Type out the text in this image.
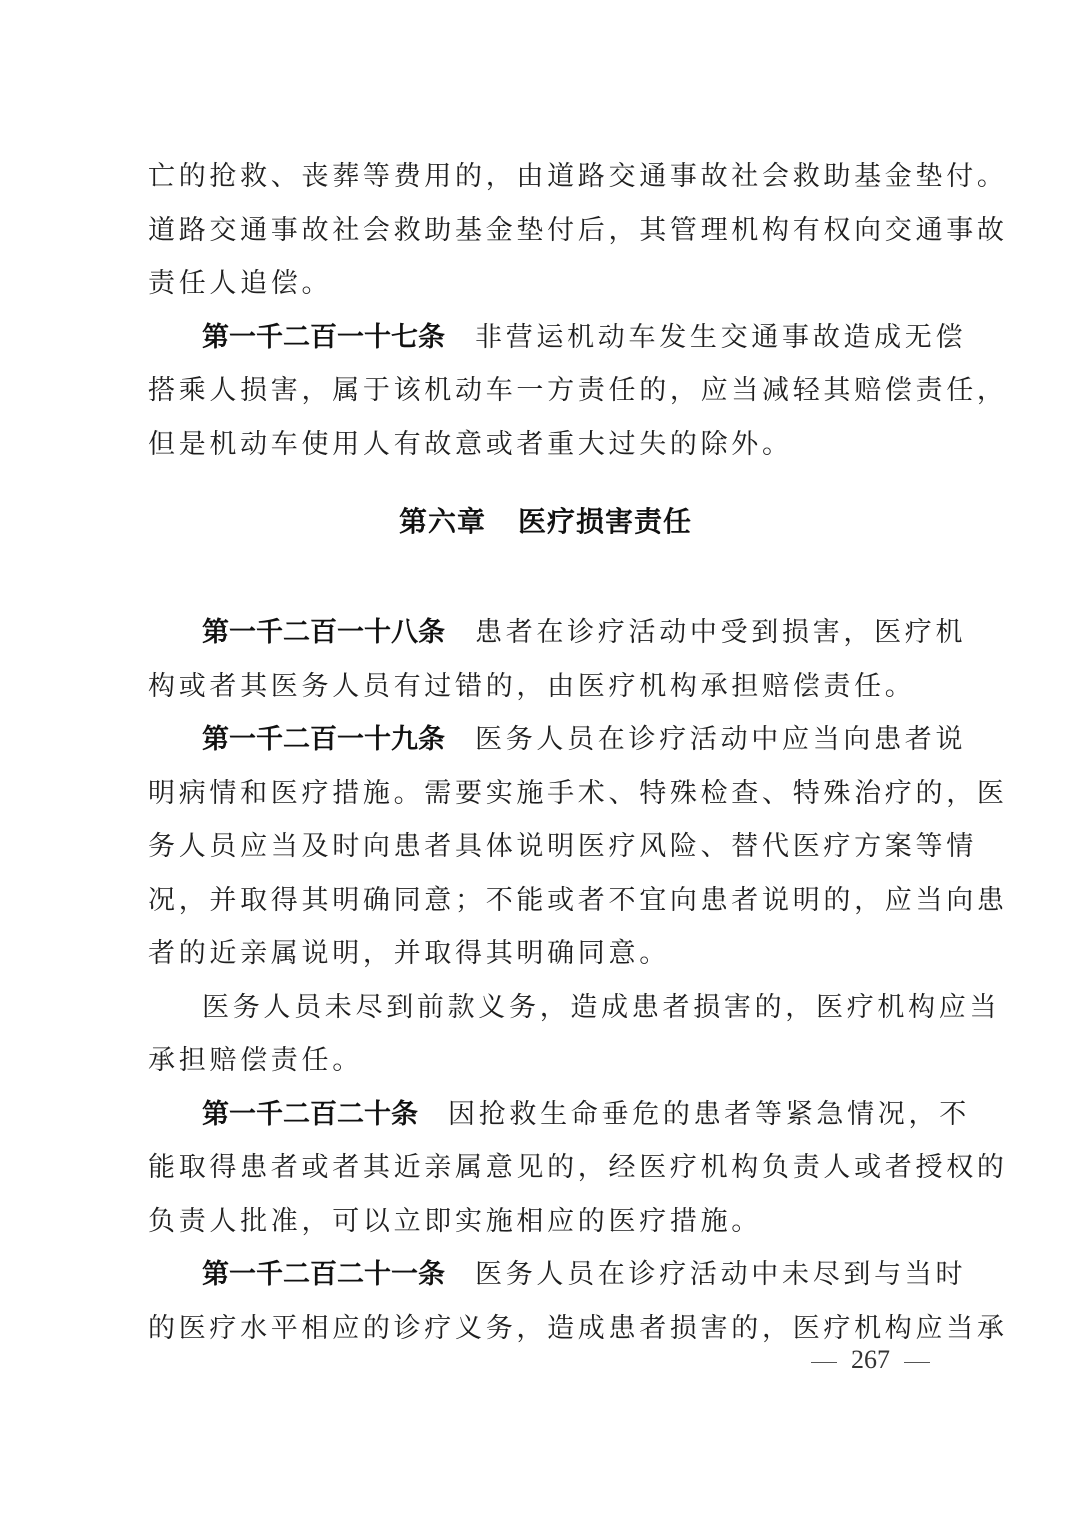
亡的抢救、丧葬等费用的，由道路交通事故社会救助基金垫付。
道路交通事故社会救助基金垫付后，其管理机构有权向交通事故
责任人追偿。
第一千二百一十七条 非营运机动车发生交通事故造成无偿
搭乘人损害，属于该机动车一方责任的，应当减轻其赔偿责任，
但是机动车使用人有故意或者重大过失的除外。
第六章 医疗损害责任
第一千二百一十八条 患者在诊疗活动中受到损害，医疗机
构或者其医务人员有过错的，由医疗机构承担赔偿责任。
第一千二百一十九条 医务人员在诊疗活动中应当向患者说
明病情和医疗措施。需要实施手术、特殊检查、特殊治疗的，医
务人员应当及时向患者具体说明医疗风险、替代医疗方案等情
况，并取得其明确同意；不能或者不宜向患者说明的，应当向患
者的近亲属说明，并取得其明确同意。
医务人员未尽到前款义务，造成患者损害的，医疗机构应当
承担赔偿责任。
第一千二百二十条 因抢救生命垂危的患者等紧急情况，不
能取得患者或者其近亲属意见的，经医疗机构负责人或者授权的
负责人批准，可以立即实施相应的医疗措施。
第一千二百二十一条 医务人员在诊疗活动中未尽到与当时
的医疗水平相应的诊疗义务，造成患者损害的，医疗机构应当承
267
